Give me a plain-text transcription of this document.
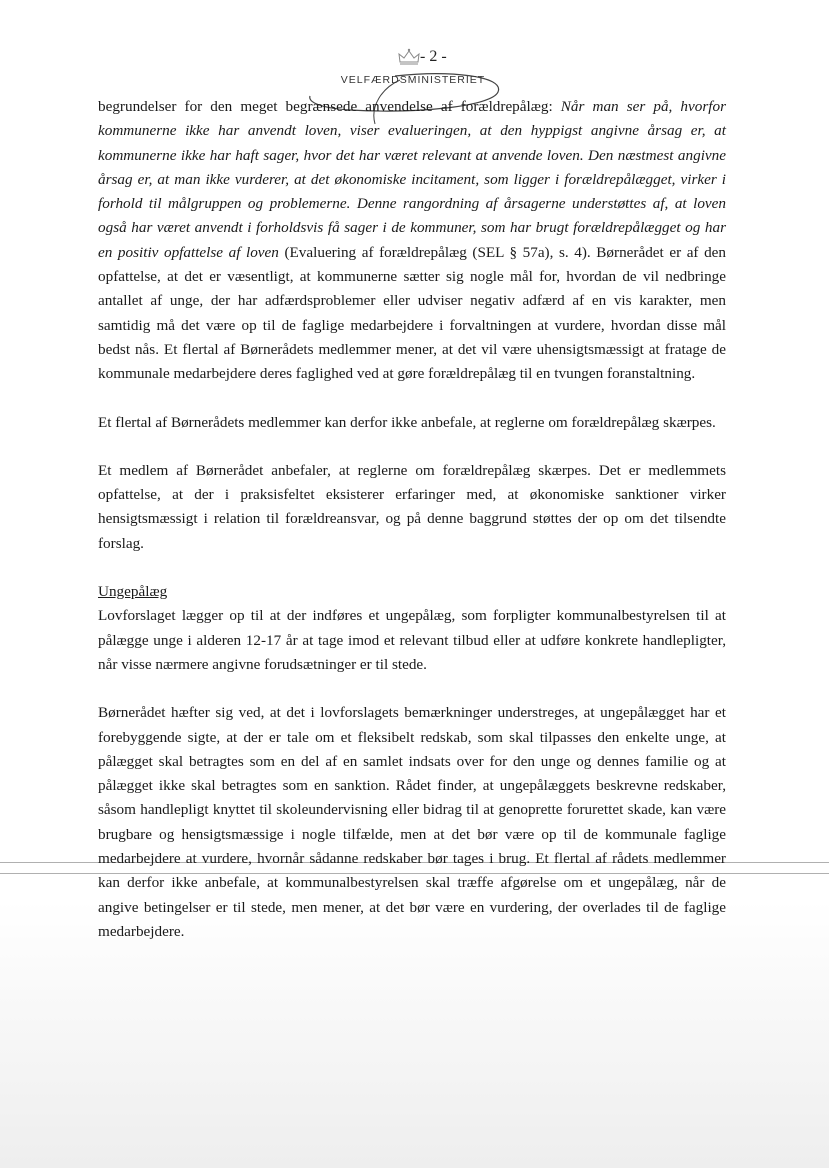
- 2 -
VELFÆRDSMINISTERIET

begrundelser for den meget begrænsede anvendelse af forældrepålæg: Når man ser på, hvorfor kommunerne ikke har anvendt loven, viser evalueringen, at den hyppigst angivne årsag er, at kommunerne ikke har haft sager, hvor det har været relevant at anvende loven. Den næstmest angivne årsag er, at man ikke vurderer, at det økonomiske incitament, som ligger i forældrepålægget, virker i forhold til målgruppen og problemerne. Denne rangordning af årsagerne understøttes af, at loven også har været anvendt i forholdsvis få sager i de kommuner, som har brugt forældrepålægget og har en positiv opfattelse af loven (Evaluering af forældrepålæg (SEL § 57a), s. 4). Børnerådet er af den opfattelse, at det er væsentligt, at kommunerne sætter sig nogle mål for, hvordan de vil nedbringe antallet af unge, der har adfærdsproblemer eller udviser negativ adfærd af en vis karakter, men samtidig må det være op til de faglige medarbejdere i forvaltningen at vurdere, hvordan disse mål bedst nås. Et flertal af Børnerådets medlemmer mener, at det vil være uhensigtsmæssigt at fratage de kommunale medarbejdere deres faglighed ved at gøre forældrepålæg til en tvungen foranstaltning.

Et flertal af Børnerådets medlemmer kan derfor ikke anbefale, at reglerne om forældrepålæg skærpes.

Et medlem af Børnerådet anbefaler, at reglerne om forældrepålæg skærpes. Det er medlemmets opfattelse, at der i praksisfeltet eksisterer erfaringer med, at økonomiske sanktioner virker hensigtsmæssigt i relation til forældreansvar, og på denne baggrund støttes der op om det tilsendte forslag.

Ungepålæg

Lovforslaget lægger op til at der indføres et ungepålæg, som forpligter kommunalbestyrelsen til at pålægge unge i alderen 12-17 år at tage imod et relevant tilbud eller at udføre konkrete handlepligter, når visse nærmere angivne forudsætninger er til stede.

Børnerådet hæfter sig ved, at det i lovforslagets bemærkninger understreges, at ungepålægget har et forebyggende sigte, at der er tale om et fleksibelt redskab, som skal tilpasses den enkelte unge, at pålægget skal betragtes som en del af en samlet indsats over for den unge og dennes familie og at pålægget ikke skal betragtes som en sanktion. Rådet finder, at ungepålæggets beskrevne redskaber, såsom handlepligt knyttet til skoleundervisning eller bidrag til at genoprette forurettet skade, kan være brugbare og hensigtsmæssige i nogle tilfælde, men at det bør være op til de kommunale faglige medarbejdere at vurdere, hvornår sådanne redskaber bør tages i brug. Et flertal af rådets medlemmer kan derfor ikke anbefale, at kommunalbestyrelsen skal træffe afgørelse om et ungepålæg, når de angive betingelser er til stede, men mener, at det bør være en vurdering, der overlades til de faglige medarbejdere.
